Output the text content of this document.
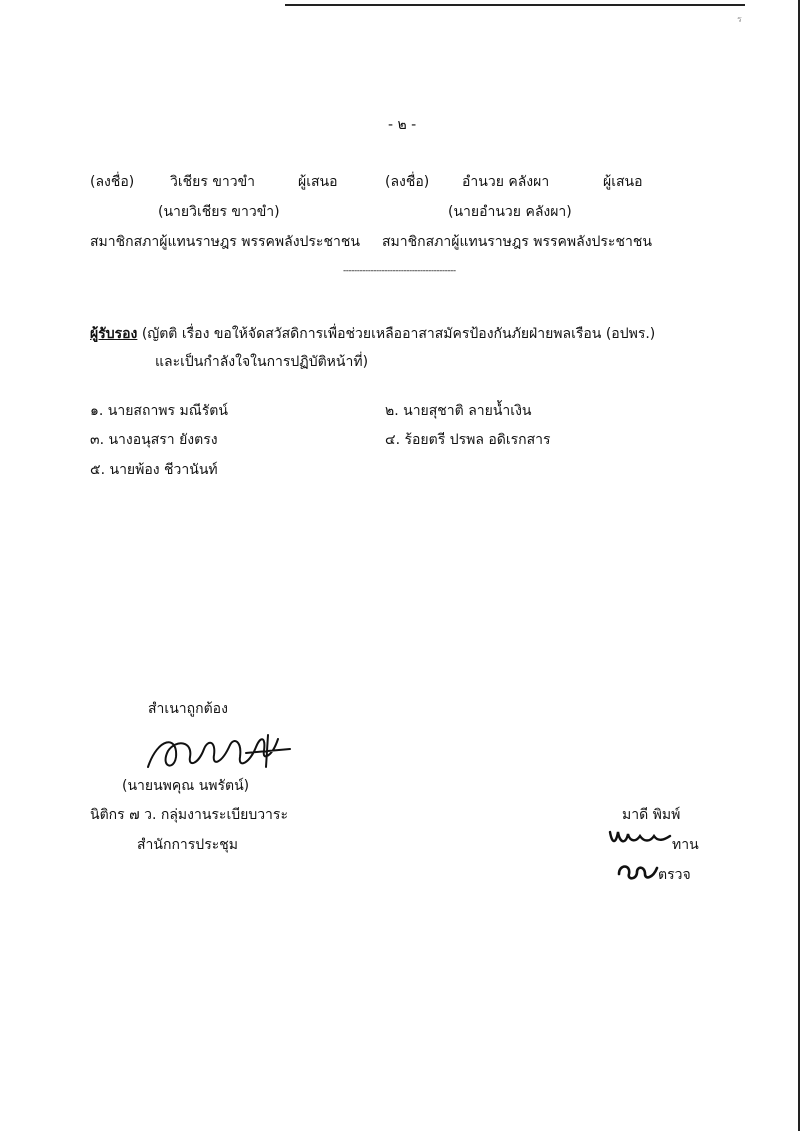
ร
- ๒ -
(ลงชื่อ)	วิเชียร ขาวขำ	ผู้เสนอ
(นายวิเชียร ขาวขำ)
สมาชิกสภาผู้แทนราษฎร พรรคพลังประชาชน
(ลงชื่อ) อำนวย คลังผา	ผู้เสนอ
(นายอำนวย คลังผา)
สมาชิกสภาผู้แทนราษฎร พรรคพลังประชาชน
-----------------------------------------
ผู้รับรอง (ญัตติ เรื่อง ขอให้จัดสวัสดิการเพื่อช่วยเหลืออาสาสมัครป้องกันภัยฝ่ายพลเรือน (อปพร.)
และเป็นกำลังใจในการปฏิบัติหน้าที่)
๑. นายสถาพร มณีรัตน์	๒. นายสุชาติ ลายน้ำเงิน
๓. นางอนุสรา ยังตรง	๔. ร้อยตรี ปรพล อดิเรกสาร
๕. นายพ้อง ชีวานันท์
สำเนาถูกต้อง
(นายนพคุณ นพรัตน์)
นิติกร ๗ ว. กลุ่มงานระเบียบวาระ
สำนักการประชุม
มาดี พิมพ์
ทาน
ตรวจ
